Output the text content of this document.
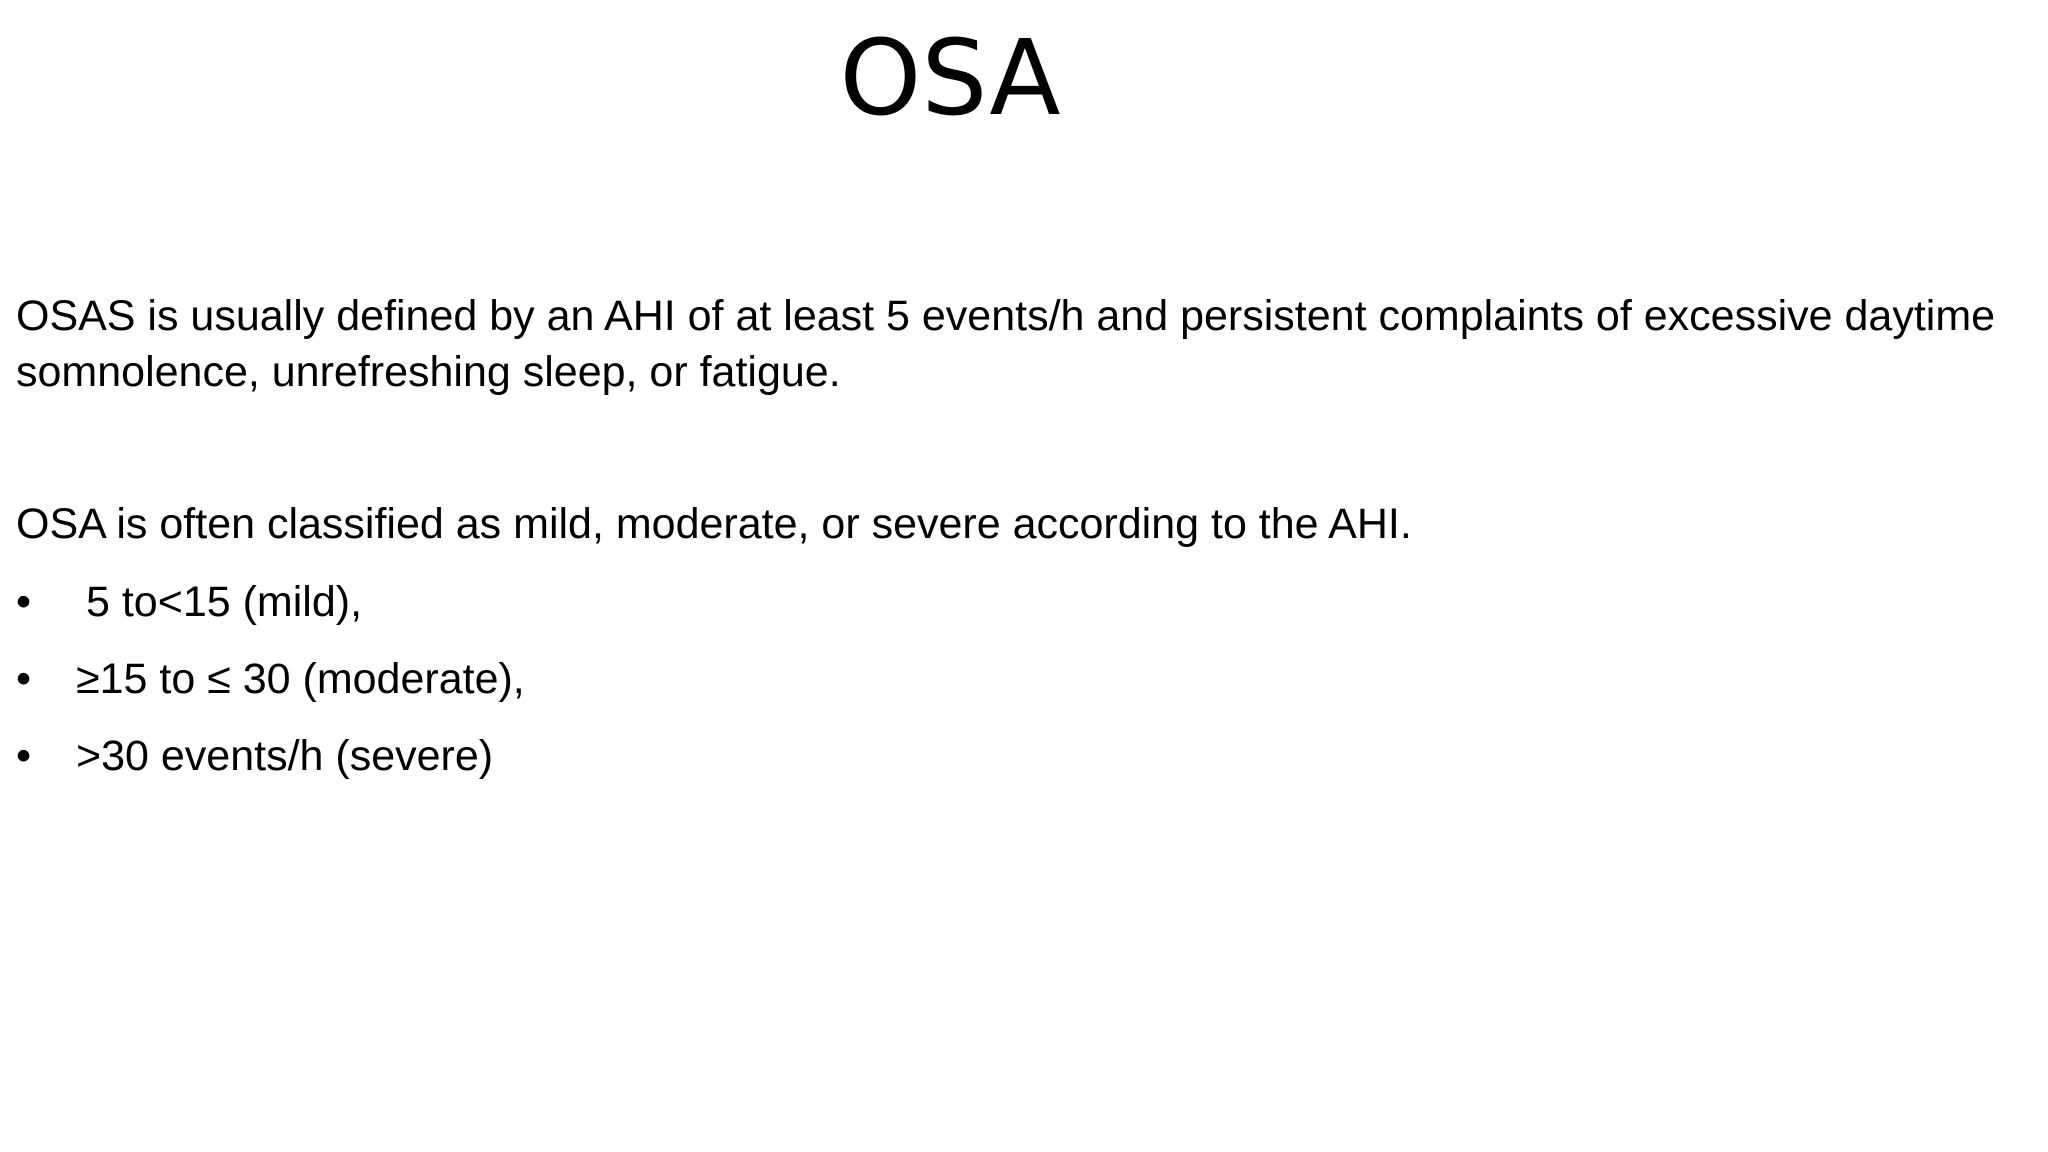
OSA

OSAS is usually defined by an AHI of at least 5 events/h and persistent complaints of excessive daytime somnolence, unrefreshing sleep, or fatigue.

OSA is often classified as mild, moderate, or severe according to the AHI.

• 5 to<15 (mild),
• ≥15 to ≤ 30 (moderate),
• >30 events/h (severe)
